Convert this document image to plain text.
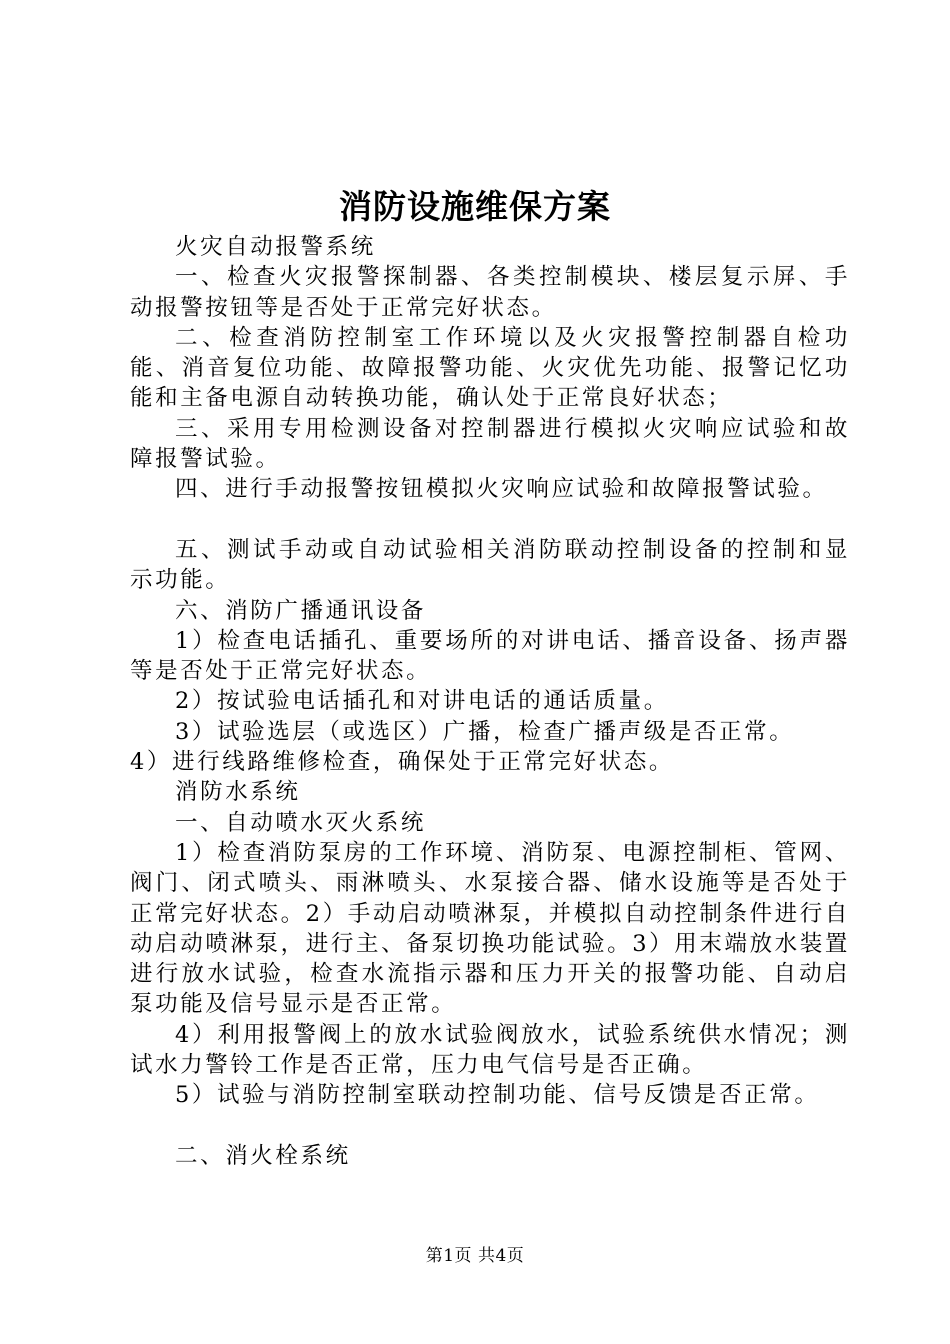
消防设施维保方案

火灾自动报警系统

一、检查火灾报警探制器、各类控制模块、楼层复示屏、手动报警按钮等是否处于正常完好状态。

二、检查消防控制室工作环境以及火灾报警控制器自检功能、消音复位功能、故障报警功能、火灾优先功能、报警记忆功能和主备电源自动转换功能，确认处于正常良好状态；

三、采用专用检测设备对控制器进行模拟火灾响应试验和故障报警试验。

四、进行手动报警按钮模拟火灾响应试验和故障报警试验。

五、测试手动或自动试验相关消防联动控制设备的控制和显示功能。

六、消防广播通讯设备

1）检查电话插孔、重要场所的对讲电话、播音设备、扬声器等是否处于正常完好状态。

2）按试验电话插孔和对讲电话的通话质量。

3）试验选层（或选区）广播，检查广播声级是否正常。

4）进行线路维修检查，确保处于正常完好状态。

消防水系统

一、自动喷水灭火系统

1）检查消防泵房的工作环境、消防泵、电源控制柜、管网、阀门、闭式喷头、雨淋喷头、水泵接合器、储水设施等是否处于正常完好状态。2）手动启动喷淋泵，并模拟自动控制条件进行自动启动喷淋泵，进行主、备泵切换功能试验。3）用末端放水装置进行放水试验，检查水流指示器和压力开关的报警功能、自动启泵功能及信号显示是否正常。

4）利用报警阀上的放水试验阀放水，试验系统供水情况；测试水力警铃工作是否正常，压力电气信号是否正确。

5）试验与消防控制室联动控制功能、信号反馈是否正常。

二、消火栓系统

第1页 共4页
